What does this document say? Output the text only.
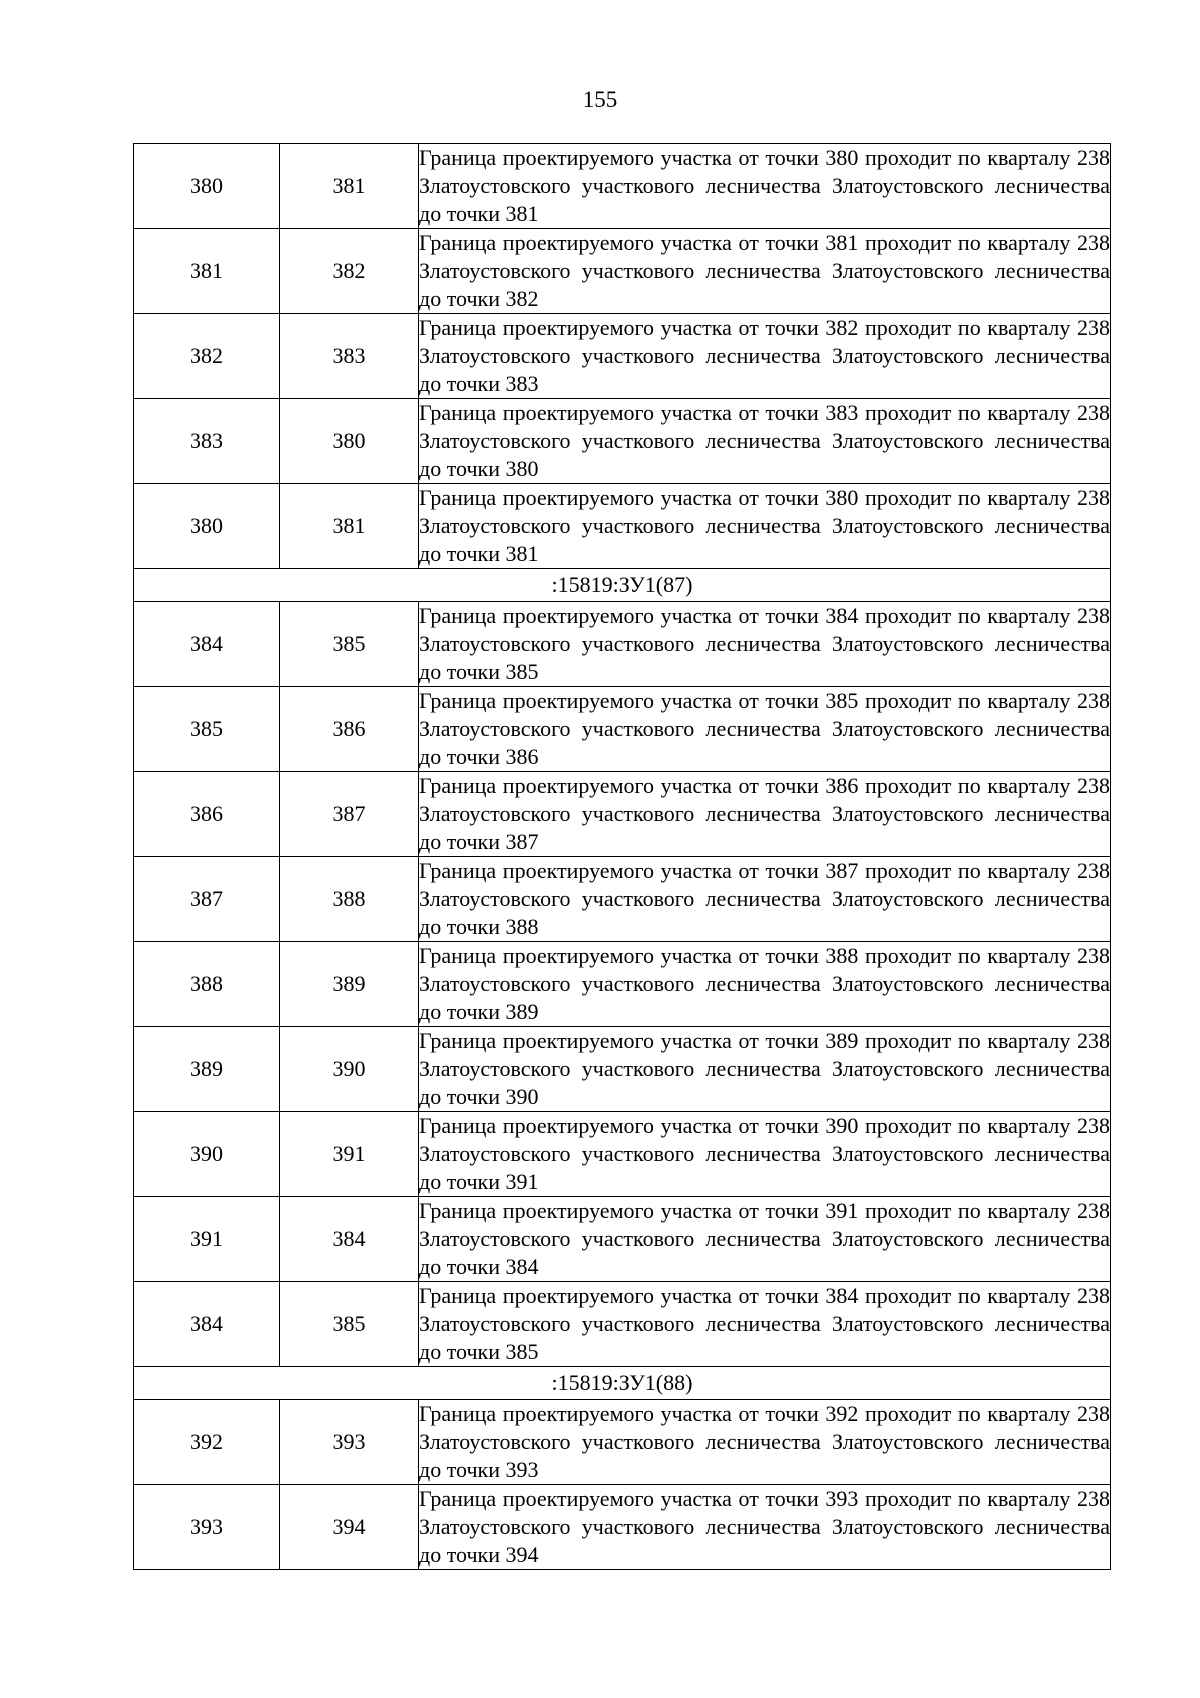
155
380	381	Граница проектируемого участка от точки 380 проходит по кварталу 238 Златоустовского участкового лесничества Златоустовского лесничества до точки 381
381	382	Граница проектируемого участка от точки 381 проходит по кварталу 238 Златоустовского участкового лесничества Златоустовского лесничества до точки 382
382	383	Граница проектируемого участка от точки 382 проходит по кварталу 238 Златоустовского участкового лесничества Златоустовского лесничества до точки 383
383	380	Граница проектируемого участка от точки 383 проходит по кварталу 238 Златоустовского участкового лесничества Златоустовского лесничества до точки 380
380	381	Граница проектируемого участка от точки 380 проходит по кварталу 238 Златоустовского участкового лесничества Златоустовского лесничества до точки 381
:15819:ЗУ1(87)		
384	385	Граница проектируемого участка от точки 384 проходит по кварталу 238 Златоустовского участкового лесничества Златоустовского лесничества до точки 385
385	386	Граница проектируемого участка от точки 385 проходит по кварталу 238 Златоустовского участкового лесничества Златоустовского лесничества до точки 386
386	387	Граница проектируемого участка от точки 386 проходит по кварталу 238 Златоустовского участкового лесничества Златоустовского лесничества до точки 387
387	388	Граница проектируемого участка от точки 387 проходит по кварталу 238 Златоустовского участкового лесничества Златоустовского лесничества до точки 388
388	389	Граница проектируемого участка от точки 388 проходит по кварталу 238 Златоустовского участкового лесничества Златоустовского лесничества до точки 389
389	390	Граница проектируемого участка от точки 389 проходит по кварталу 238 Златоустовского участкового лесничества Златоустовского лесничества до точки 390
390	391	Граница проектируемого участка от точки 390 проходит по кварталу 238 Златоустовского участкового лесничества Златоустовского лесничества до точки 391
391	384	Граница проектируемого участка от точки 391 проходит по кварталу 238 Златоустовского участкового лесничества Златоустовского лесничества до точки 384
384	385	Граница проектируемого участка от точки 384 проходит по кварталу 238 Златоустовского участкового лесничества Златоустовского лесничества до точки 385
:15819:ЗУ1(88)		
392	393	Граница проектируемого участка от точки 392 проходит по кварталу 238 Златоустовского участкового лесничества Златоустовского лесничества до точки 393
393	394	Граница проектируемого участка от точки 393 проходит по кварталу 238 Златоустовского участкового лесничества Златоустовского лесничества до точки 394
